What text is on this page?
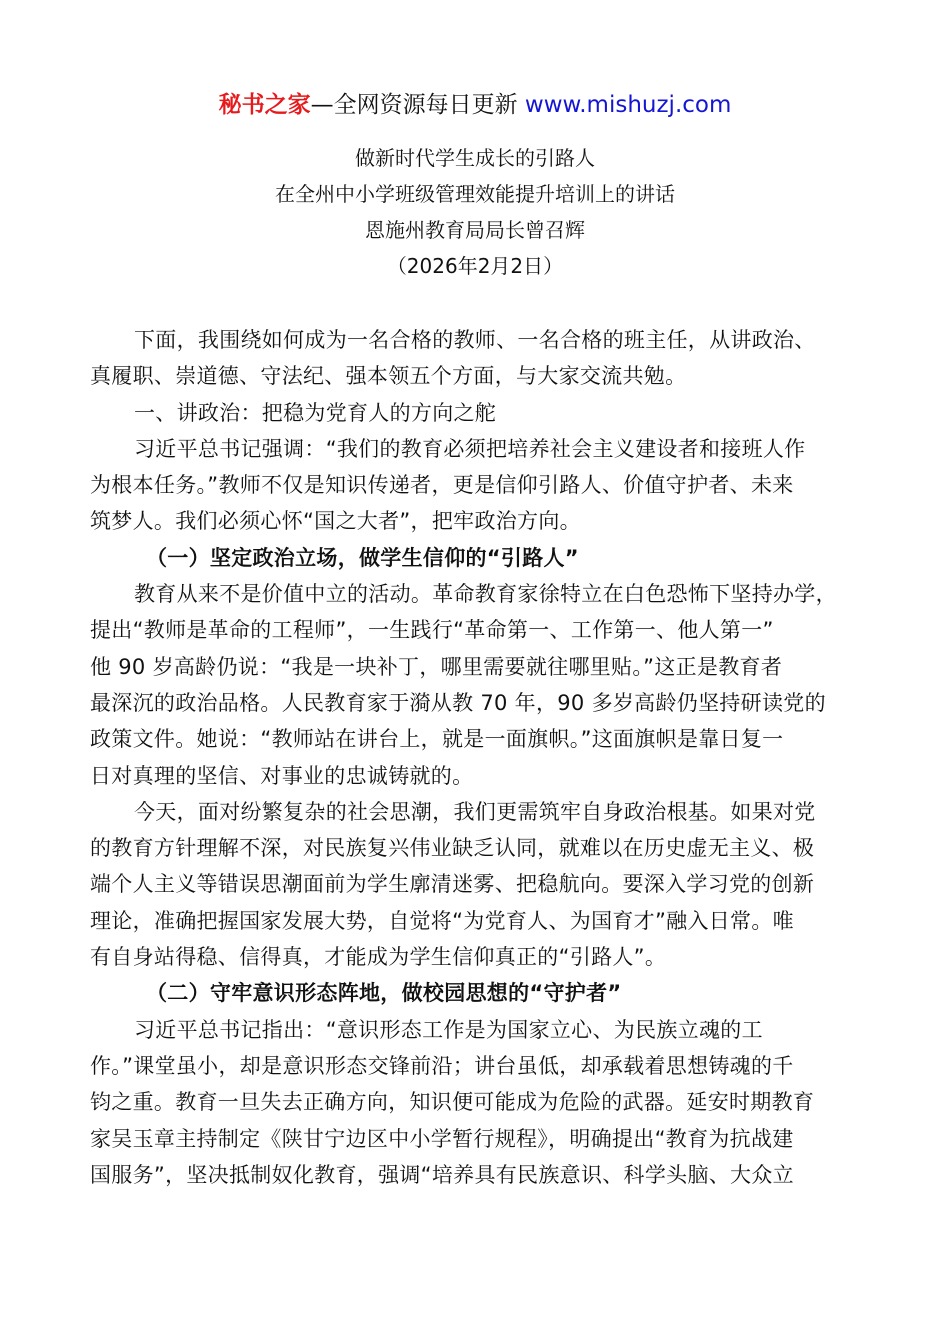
秘书之家—全网资源每日更新 www.mishuzj.com
做新时代学生成长的引路人
在全州中小学班级管理效能提升培训上的讲话
恩施州教育局局长曾召辉
（2026年2月2日）
下面，我围绕如何成为一名合格的教师、一名合格的班主任，从讲政治、
真履职、崇道德、守法纪、强本领五个方面，与大家交流共勉。
一、讲政治：把稳为党育人的方向之舵
习近平总书记强调：“我们的教育必须把培养社会主义建设者和接班人作
为根本任务。”教师不仅是知识传递者，更是信仰引路人、价值守护者、未来
筑梦人。我们必须心怀“国之大者”，把牢政治方向。
（一）坚定政治立场，做学生信仰的“引路人”
教育从来不是价值中立的活动。革命教育家徐特立在白色恐怖下坚持办学，
提出“教师是革命的工程师”，一生践行“革命第一、工作第一、他人第一”
他 90 岁高龄仍说：“我是一块补丁，哪里需要就往哪里贴。”这正是教育者
最深沉的政治品格。人民教育家于漪从教 70 年，90 多岁高龄仍坚持研读党的
政策文件。她说：“教师站在讲台上，就是一面旗帜。”这面旗帜是靠日复一
日对真理的坚信、对事业的忠诚铸就的。
今天，面对纷繁复杂的社会思潮，我们更需筑牢自身政治根基。如果对党
的教育方针理解不深，对民族复兴伟业缺乏认同，就难以在历史虚无主义、极
端个人主义等错误思潮面前为学生廓清迷雾、把稳航向。要深入学习党的创新
理论，准确把握国家发展大势，自觉将“为党育人、为国育才”融入日常。唯
有自身站得稳、信得真，才能成为学生信仰真正的“引路人”。
（二）守牢意识形态阵地，做校园思想的“守护者”
习近平总书记指出：“意识形态工作是为国家立心、为民族立魂的工
作。”课堂虽小，却是意识形态交锋前沿；讲台虽低，却承载着思想铸魂的千
钧之重。教育一旦失去正确方向，知识便可能成为危险的武器。延安时期教育
家吴玉章主持制定《陕甘宁边区中小学暂行规程》，明确提出“教育为抗战建
国服务”，坚决抵制奴化教育，强调“培养具有民族意识、科学头脑、大众立
